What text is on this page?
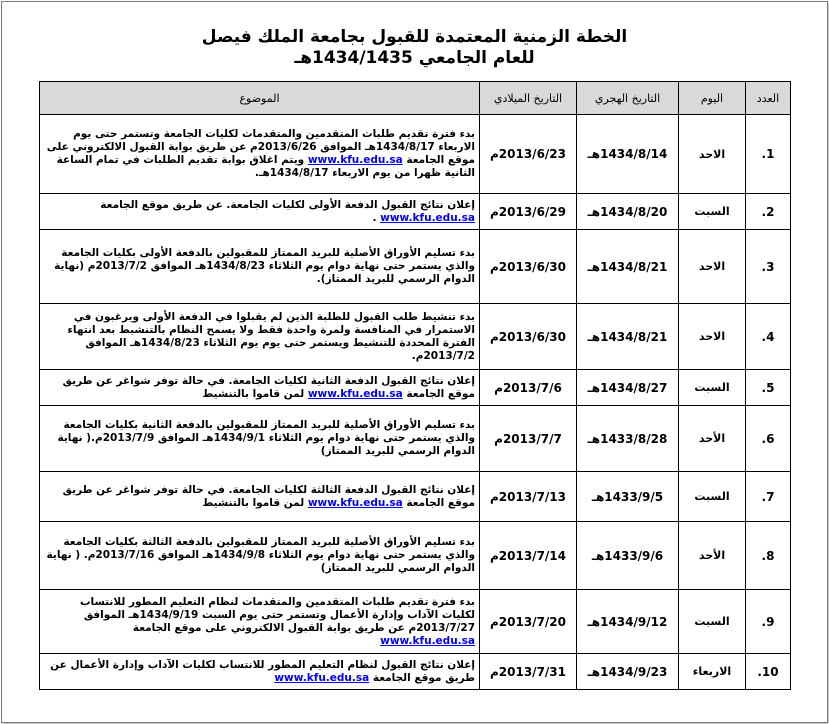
الخطة الزمنية المعتمدة للقبول بجامعة الملك فيصل
للعام الجامعي 1434/1435هـ
العدد	اليوم	التاريخ الهجري	التاريخ الميلادي	الموضوع
.1	الاحد	1434/8/14هـ	2013/6/23م	بدء فترة تقديم طلبات المتقدمين والمتقدمات لكليات الجامعة وتستمر حتى يوم الاربعاء 1434/8/17هـ الموافق 2013/6/26م عن طريق بوابة القبول الالكتروني على موقع الجامعة www.kfu.edu.sa ويتم اغلاق بوابة تقديم الطلبات في تمام الساعة الثانية ظهرا من يوم الاربعاء 1434/8/17هـ.
.2	السبت	1434/8/20هـ	2013/6/29م	إعلان نتائج القبول الدفعة الأولى لكليات الجامعة. عن طريق موقع الجامعة www.kfu.edu.sa .
.3	الاحد	1434/8/21هـ	2013/6/30م	بدء تسليم الأوراق الأصلية للبريد الممتاز للمقبولين بالدفعة الأولى بكليات الجامعة والذي يستمر حتى نهاية دوام يوم الثلاثاء 1434/8/23هـ الموافق 2013/7/2م (نهاية الدوام الرسمي للبريد الممتاز).
.4	الاحد	1434/8/21هـ	2013/6/30م	بدء تنشيط طلب القبول للطلبة الذين لم يقبلوا في الدفعة الأولى ويرغبون في الاستمرار في المنافسة ولمرة واحدة فقط ولا يسمح النظام بالتنشيط بعد انتهاء الفترة المحددة للتنشيط ويستمر حتى يوم يوم الثلاثاء 1434/8/23هـ الموافق 2013/7/2م.
.5	السبت	1434/8/27هـ	2013/7/6م	إعلان نتائج القبول الدفعة الثانية لكليات الجامعة. في حالة توفر شواغر عن طريق موقع الجامعة www.kfu.edu.sa لمن قاموا بالتنشيط
.6	الأحد	1433/8/28هـ	2013/7/7م	بدء تسليم الأوراق الأصلية للبريد الممتاز للمقبولين بالدفعة الثانية بكليات الجامعة والذي يستمر حتى نهاية دوام يوم الثلاثاء 1434/9/1هـ الموافق 2013/7/9م.( نهاية الدوام الرسمي للبريد الممتاز)
.7	السبت	1433/9/5هـ	2013/7/13م	إعلان نتائج القبول الدفعة الثالثة لكليات الجامعة. في حالة توفر شواغر عن طريق موقع الجامعة www.kfu.edu.sa لمن قاموا بالتنشيط
.8	الأحد	1433/9/6هـ	2013/7/14م	بدء تسليم الأوراق الأصلية للبريد الممتاز للمقبولين بالدفعة الثالثة بكليات الجامعة والذي يستمر حتى نهاية دوام يوم الثلاثاء 1434/9/8هـ الموافق 2013/7/16م. ( نهاية الدوام الرسمي للبريد الممتاز)
.9	السبت	1434/9/12هـ	2013/7/20م	بدء فترة تقديم طلبات المتقدمين والمتقدمات لنظام التعليم المطور للانتساب لكليات الآداب وإدارة الأعمال وتستمر حتى يوم السبت 1434/9/19هـ الموافق 2013/7/27م عن طريق بوابة القبول الالكتروني على موقع الجامعة www.kfu.edu.sa
.10	الاربعاء	1434/9/23هـ	2013/7/31م	إعلان نتائج القبول لنظام التعليم المطور للانتساب لكليات الآداب وإدارة الأعمال عن طريق موقع الجامعة www.kfu.edu.sa
